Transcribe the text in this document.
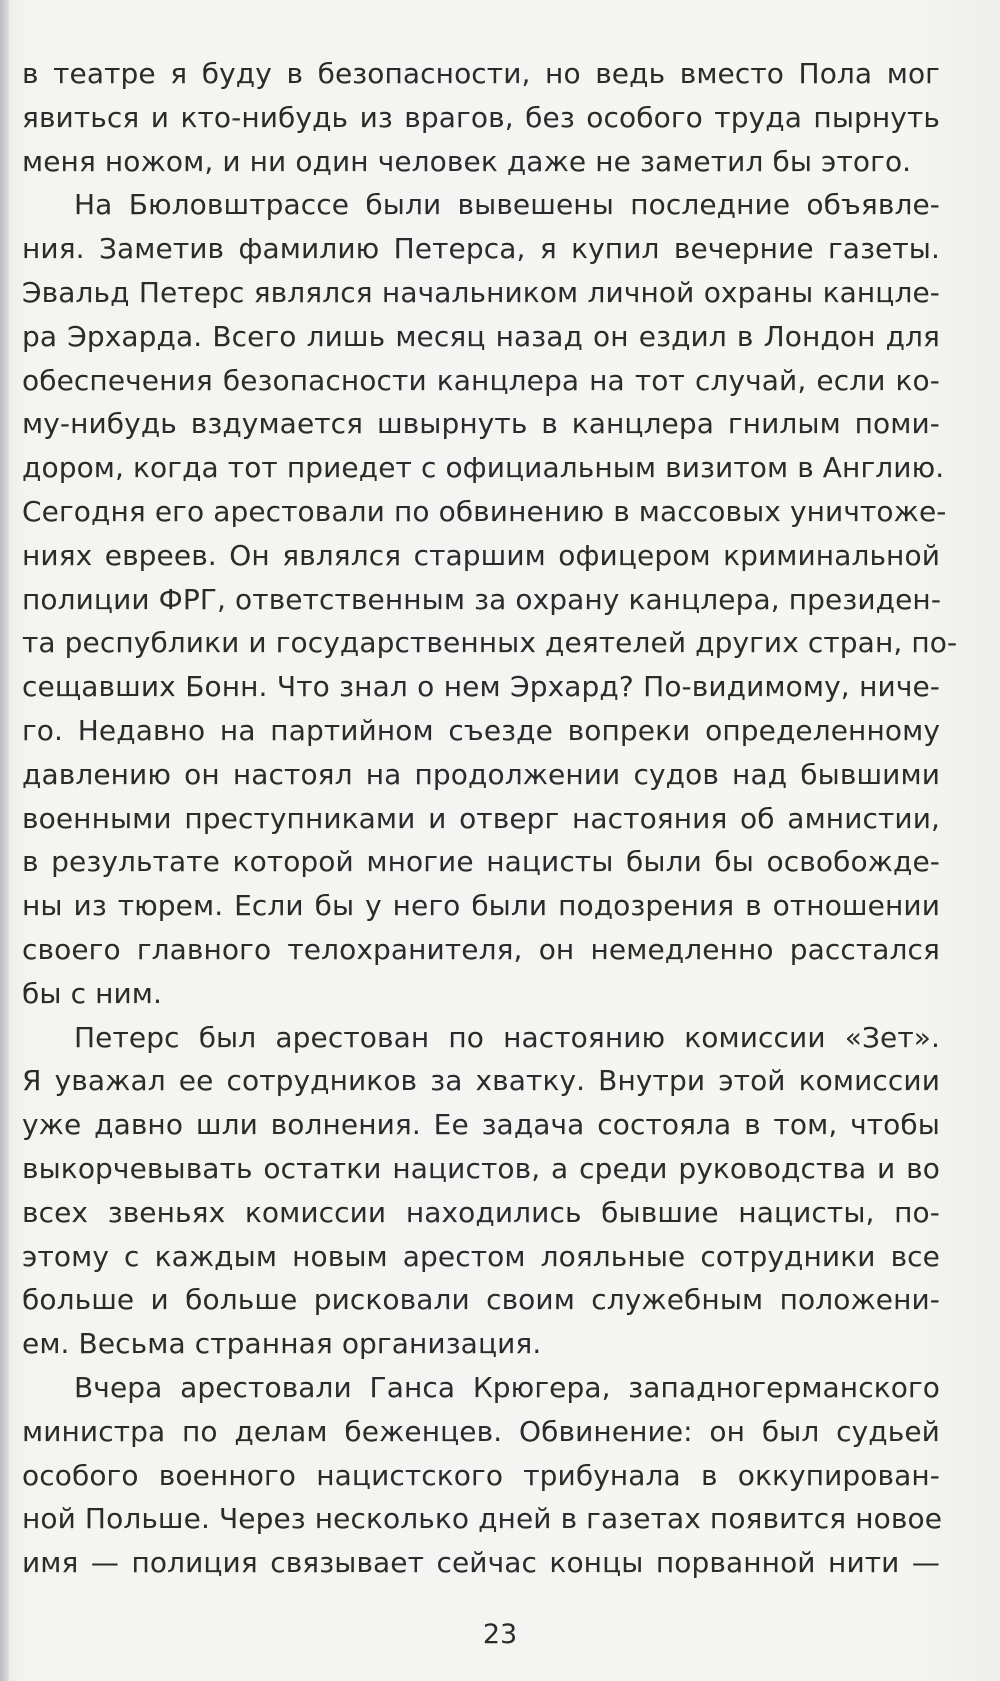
в театре я буду в безопасности, но ведь вместо Пола мог
явиться и кто-нибудь из врагов, без особого труда пырнуть
меня ножом, и ни один человек даже не заметил бы этого.
На Бюловштрассе были вывешены последние объявле-
ния. Заметив фамилию Петерса, я купил вечерние газеты.
Эвальд Петерс являлся начальником личной охраны канцле-
ра Эрхарда. Всего лишь месяц назад он ездил в Лондон для
обеспечения безопасности канцлера на тот случай, если ко-
му-нибудь вздумается швырнуть в канцлера гнилым поми-
дором, когда тот приедет с официальным визитом в Англию.
Сегодня его арестовали по обвинению в массовых уничтоже-
ниях евреев. Он являлся старшим офицером криминальной
полиции ФРГ, ответственным за охрану канцлера, президен-
та республики и государственных деятелей других стран, по-
сещавших Бонн. Что знал о нем Эрхард? По-видимому, ниче-
го. Недавно на партийном съезде вопреки определенному
давлению он настоял на продолжении судов над бывшими
военными преступниками и отверг настояния об амнистии,
в результате которой многие нацисты были бы освобожде-
ны из тюрем. Если бы у него были подозрения в отношении
своего главного телохранителя, он немедленно расстался
бы с ним.
Петерс был арестован по настоянию комиссии «Зет».
Я уважал ее сотрудников за хватку. Внутри этой комиссии
уже давно шли волнения. Ее задача состояла в том, чтобы
выкорчевывать остатки нацистов, а среди руководства и во
всех звеньях комиссии находились бывшие нацисты, по-
этому с каждым новым арестом лояльные сотрудники все
больше и больше рисковали своим служебным положени-
ем. Весьма странная организация.
Вчера арестовали Ганса Крюгера, западногерманского
министра по делам беженцев. Обвинение: он был судьей
особого военного нацистского трибунала в оккупирован-
ной Польше. Через несколько дней в газетах появится новое
имя — полиция связывает сейчас концы порванной нити —
23
